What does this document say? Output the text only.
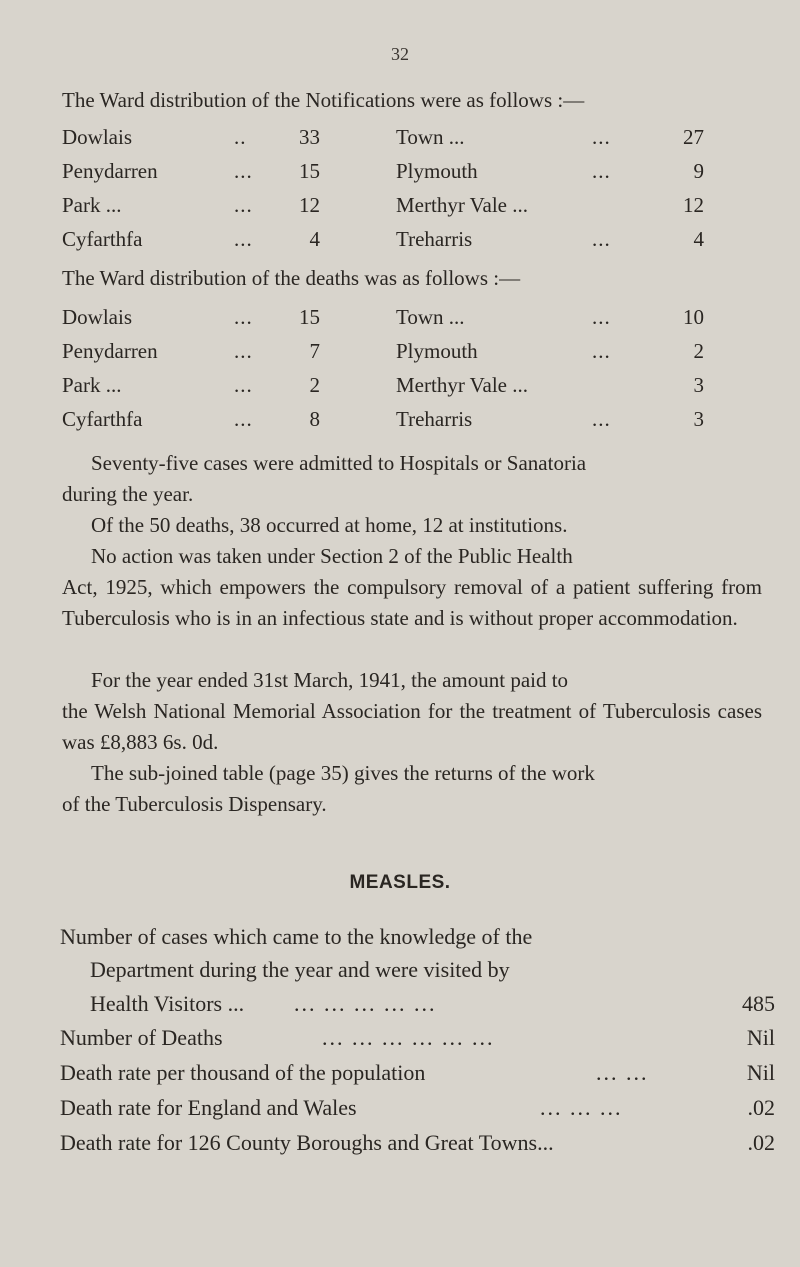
32
The Ward distribution of the Notifications were as follows :—
Dowlais	..	33	Town ...	...	27
Penydarren	...	15	Plymouth	...	9
Park ...	...	12	Merthyr Vale ...	12
Cyfarthfa	...	4	Treharris	...	4
The Ward distribution of the deaths was as follows :—
Dowlais	...	15	Town ...	...	10
Penydarren	...	7	Plymouth	...	2
Park ...	...	2	Merthyr Vale ...	3
Cyfarthfa	...	8	Treharris	...	3
Seventy-five cases were admitted to Hospitals or Sanatoria
during the year.
Of the 50 deaths, 38 occurred at home, 12 at institutions.
No action was taken under Section 2 of the Public Health
Act, 1925, which empowers the compulsory removal of a patient suffering from Tuberculosis who is in an infectious state and is without proper accommodation.
For the year ended 31st March, 1941, the amount paid to
the Welsh National Memorial Association for the treatment of Tuberculosis cases was £8,883 6s. 0d.
The sub-joined table (page 35) gives the returns of the work
of the Tuberculosis Dispensary.
MEASLES.
Number of cases which came to the knowledge of the
Department during the year and were visited by
Health Visitors ... ... ... ... ... ...	485
Number of Deaths	... ... ... ... ... ...	Nil
Death rate per thousand of the population	... ...	Nil
Death rate for England and Wales	... ... ...	.02
Death rate for 126 County Boroughs and Great Towns...	.02
